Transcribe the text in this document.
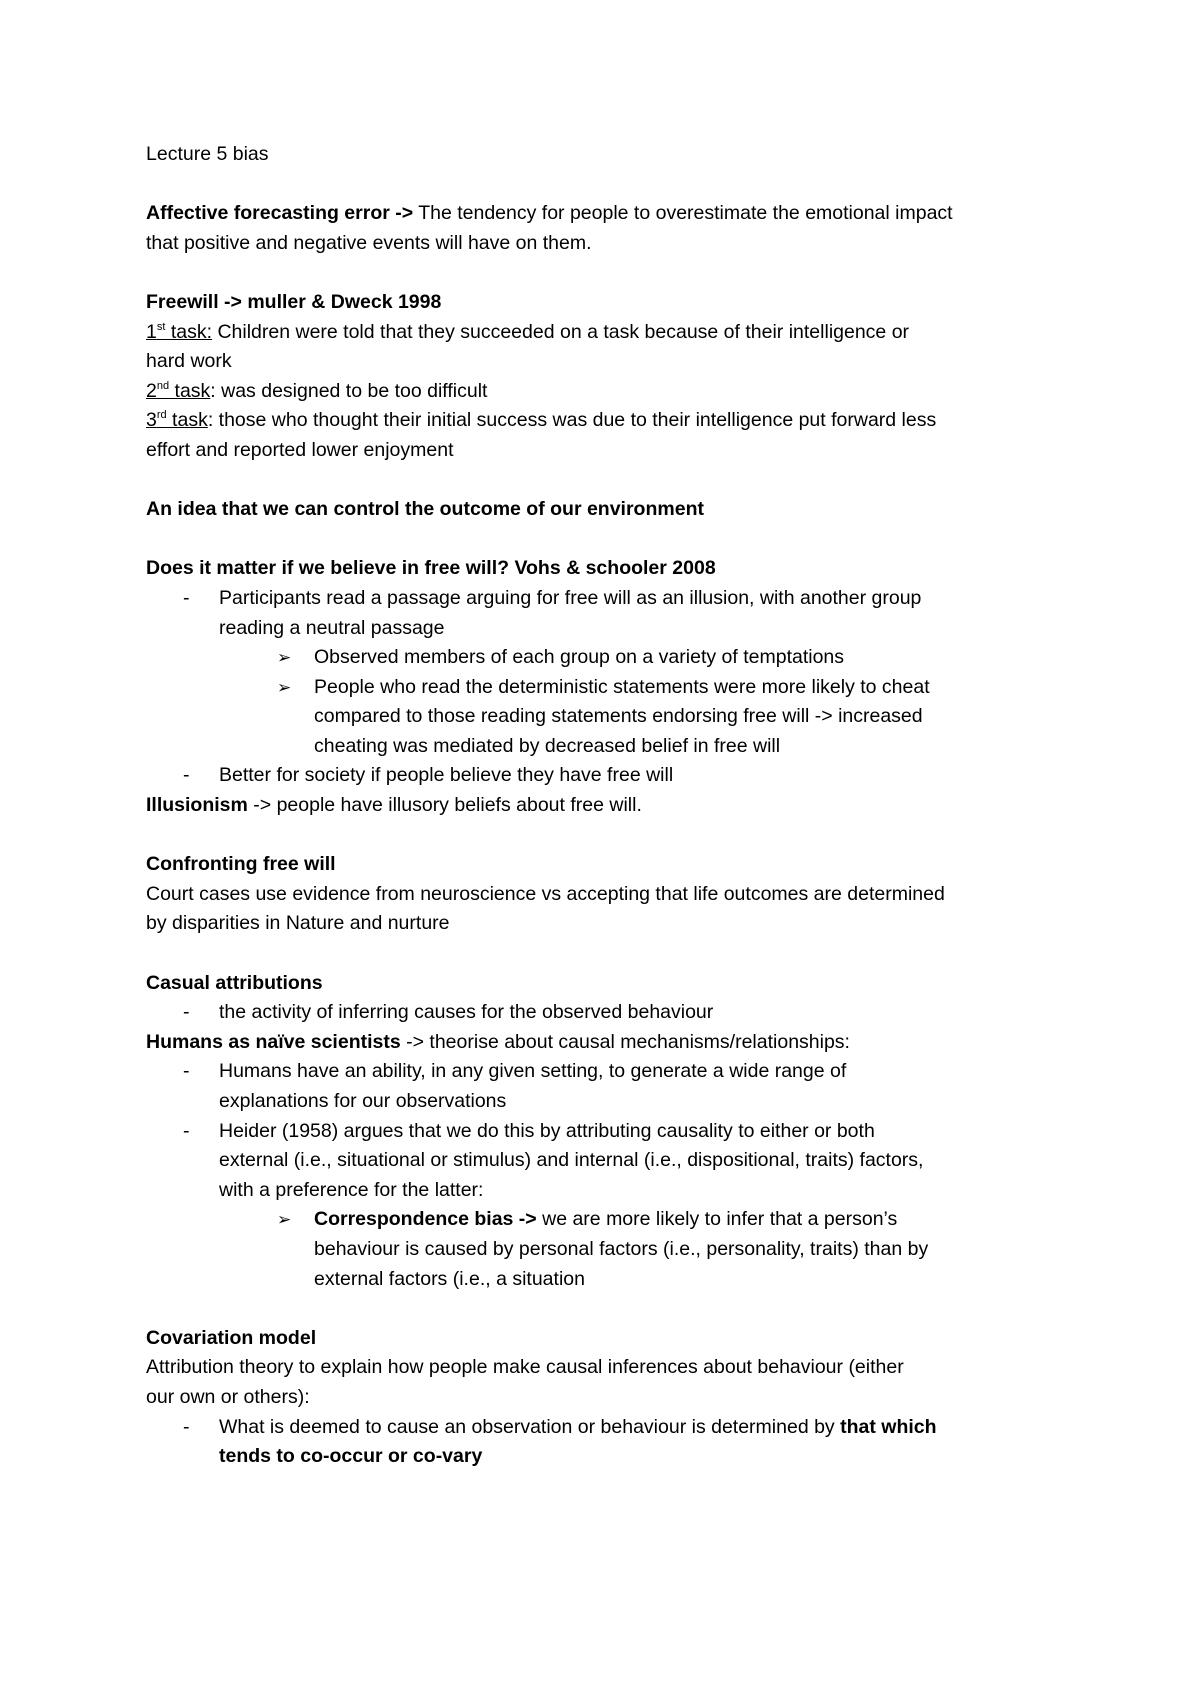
Lecture 5 bias
Affective forecasting error -> The tendency for people to overestimate the emotional impact
that positive and negative events will have on them.
Freewill -> muller & Dweck 1998
1st task: Children were told that they succeeded on a task because of their intelligence or
hard work
2nd task: was designed to be too difficult
3rd task: those who thought their initial success was due to their intelligence put forward less
effort and reported lower enjoyment
An idea that we can control the outcome of our environment
Does it matter if we believe in free will? Vohs & schooler 2008
- Participants read a passage arguing for free will as an illusion, with another group
reading a neutral passage
➢ Observed members of each group on a variety of temptations
➢ People who read the deterministic statements were more likely to cheat
compared to those reading statements endorsing free will -> increased
cheating was mediated by decreased belief in free will
- Better for society if people believe they have free will
Illusionism -> people have illusory beliefs about free will.
Confronting free will
Court cases use evidence from neuroscience vs accepting that life outcomes are determined
by disparities in Nature and nurture
Casual attributions
- the activity of inferring causes for the observed behaviour
Humans as naïve scientists -> theorise about causal mechanisms/relationships:
- Humans have an ability, in any given setting, to generate a wide range of
explanations for our observations
- Heider (1958) argues that we do this by attributing causality to either or both
external (i.e., situational or stimulus) and internal (i.e., dispositional, traits) factors,
with a preference for the latter:
➢ Correspondence bias -> we are more likely to infer that a person’s
behaviour is caused by personal factors (i.e., personality, traits) than by
external factors (i.e., a situation
Covariation model
Attribution theory to explain how people make causal inferences about behaviour (either
our own or others):
- What is deemed to cause an observation or behaviour is determined by that which
tends to co-occur or co-vary
